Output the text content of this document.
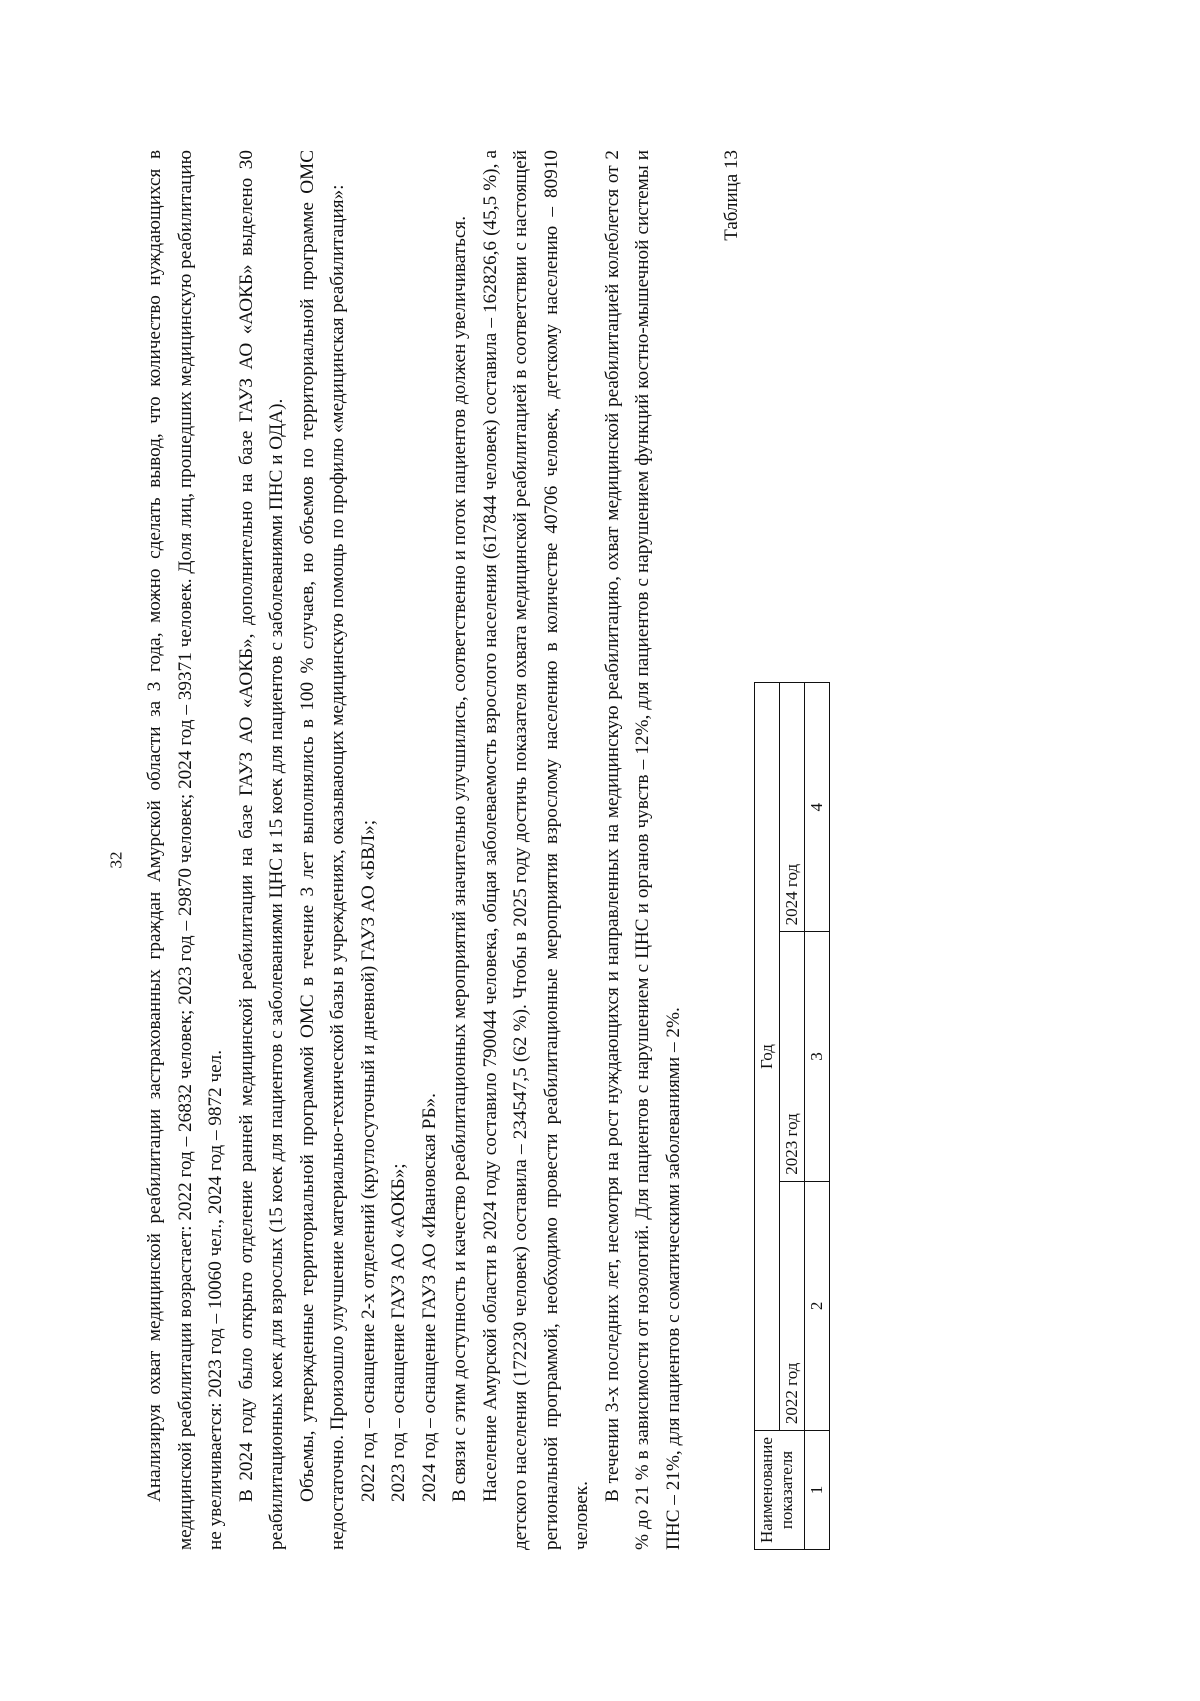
32 Анализируя охват медицинской реабилитации застрахованных граждан Амурской области за 3 года, можно сделать вывод, что количество нуждающихся в медицинской реабилитации возрастает: 2022 год – 26832 человек; 2023 год – 29870 человек; 2024 год – 39371 человек. Доля лиц, прошедших медицинскую реабилитацию не увеличивается: 2023 год – 10060 чел., 2024 год – 9872 чел. В 2024 году было открыто отделение ранней медицинской реабилитации на базе ГАУЗ АО «АОКБ», дополнительно на базе ГАУЗ АО «АОКБ» выделено 30 реабилитационных коек для взрослых (15 коек для пациентов с заболеваниями ЦНС и 15 коек для пациентов с заболеваниями ПНС и ОДА). Объемы, утвержденные территориальной программой ОМС в течение 3 лет выполнялись в 100 % случаев, но объемов по территориальной программе ОМС недостаточно. Произошло улучшение материально-технической базы в учреждениях, оказывающих медицинскую помощь по профилю «медицинская реабилитация»: 2022 год – оснащение 2-х отделений (круглосуточный и дневной) ГАУЗ АО «БВЛ»; 2023 год – оснащение ГАУЗ АО «АОКБ»; 2024 год – оснащение ГАУЗ АО «Ивановская РБ». В связи с этим доступность и качество реабилитационных мероприятий значительно улучшились, соответственно и поток пациентов должен увеличиваться. Население Амурской области в 2024 году составило 790044 человека, общая заболеваемость взрослого населения (617844 человек) составила – 162826,6 (45,5 %), а детского населения (172230 человек) составила – 234547,5 (62 %). Чтобы в 2025 году достичь показателя охвата медицинской реабилитацией в соответствии с настоящей региональной программой, необходимо провести реабилитационные мероприятия взрослому населению в количестве 40706 человек, детскому населению – 80910 человек.

В течении 3-х последних лет, несмотря на рост нуждающихся и направленных на медицинскую реабилитацию, охват медицинской реабилитацией колеблется от 2 % до 21 % в зависимости от нозологий. Для пациентов с нарушением с ЦНС и органов чувств – 12%, для пациентов с нарушением функций костно-мышечной системы и ПНС – 21%, для пациентов с соматическими заболеваниями – 2%.

Таблица 13
Наименование показателя	Год		
	2022 год	2023 год	2024 год
1	2	3	4
